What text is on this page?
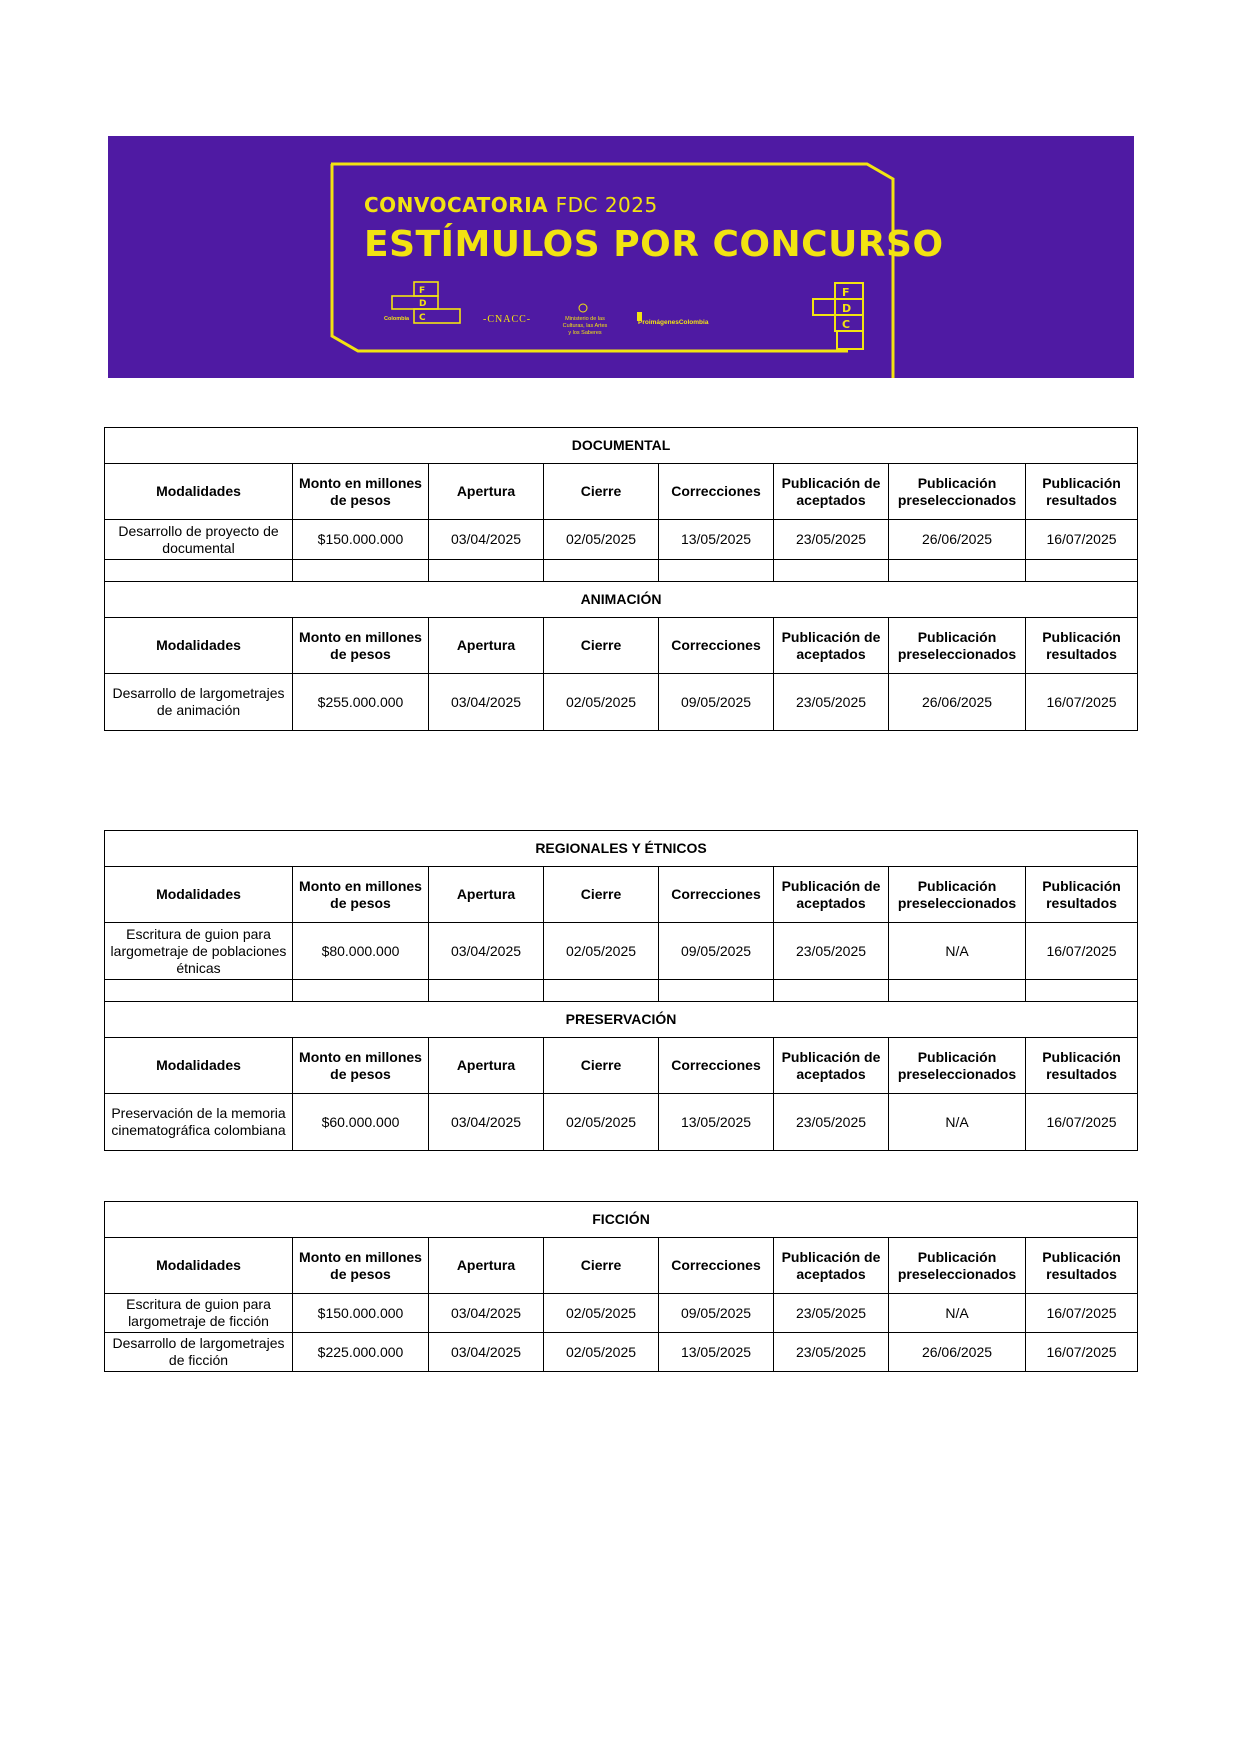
F
D
C
F
D
C
CONVOCATORIA FDC 2025
ESTÍMULOS POR CONCURSO
Colombia	-CNACC-	Ministerio de las Culturas, las Artes y los Saberes
ProimágenesColombia
DOCUMENTAL							
Modalidades	Monto en millones de pesos	Apertura	Cierre	Correcciones	Publicación de aceptados	Publicación preseleccionados	Publicación resultados
Desarrollo de proyecto de documental	$150.000.000	03/04/2025	02/05/2025	13/05/2025	23/05/2025	26/06/2025	16/07/2025

ANIMACIÓN							
Modalidades	Monto en millones de pesos	Apertura	Cierre	Correcciones	Publicación de aceptados	Publicación preseleccionados	Publicación resultados
Desarrollo de largometrajes de animación	$255.000.000	03/04/2025	02/05/2025	09/05/2025	23/05/2025	26/06/2025	16/07/2025
REGIONALES Y ÉTNICOS							
Modalidades	Monto en millones de pesos	Apertura	Cierre	Correcciones	Publicación de aceptados	Publicación preseleccionados	Publicación resultados
Escritura de guion para largometraje de poblaciones étnicas	$80.000.000	03/04/2025	02/05/2025	09/05/2025	23/05/2025	N/A	16/07/2025

PRESERVACIÓN							
Modalidades	Monto en millones de pesos	Apertura	Cierre	Correcciones	Publicación de aceptados	Publicación preseleccionados	Publicación resultados
Preservación de la memoria cinematográfica colombiana	$60.000.000	03/04/2025	02/05/2025	13/05/2025	23/05/2025	N/A	16/07/2025
FICCIÓN							
Modalidades	Monto en millones de pesos	Apertura	Cierre	Correcciones	Publicación de aceptados	Publicación preseleccionados	Publicación resultados
Escritura de guion para largometraje de ficción	$150.000.000	03/04/2025	02/05/2025	09/05/2025	23/05/2025	N/A	16/07/2025
Desarrollo de largometrajes de ficción	$225.000.000	03/04/2025	02/05/2025	13/05/2025	23/05/2025	26/06/2025	16/07/2025
